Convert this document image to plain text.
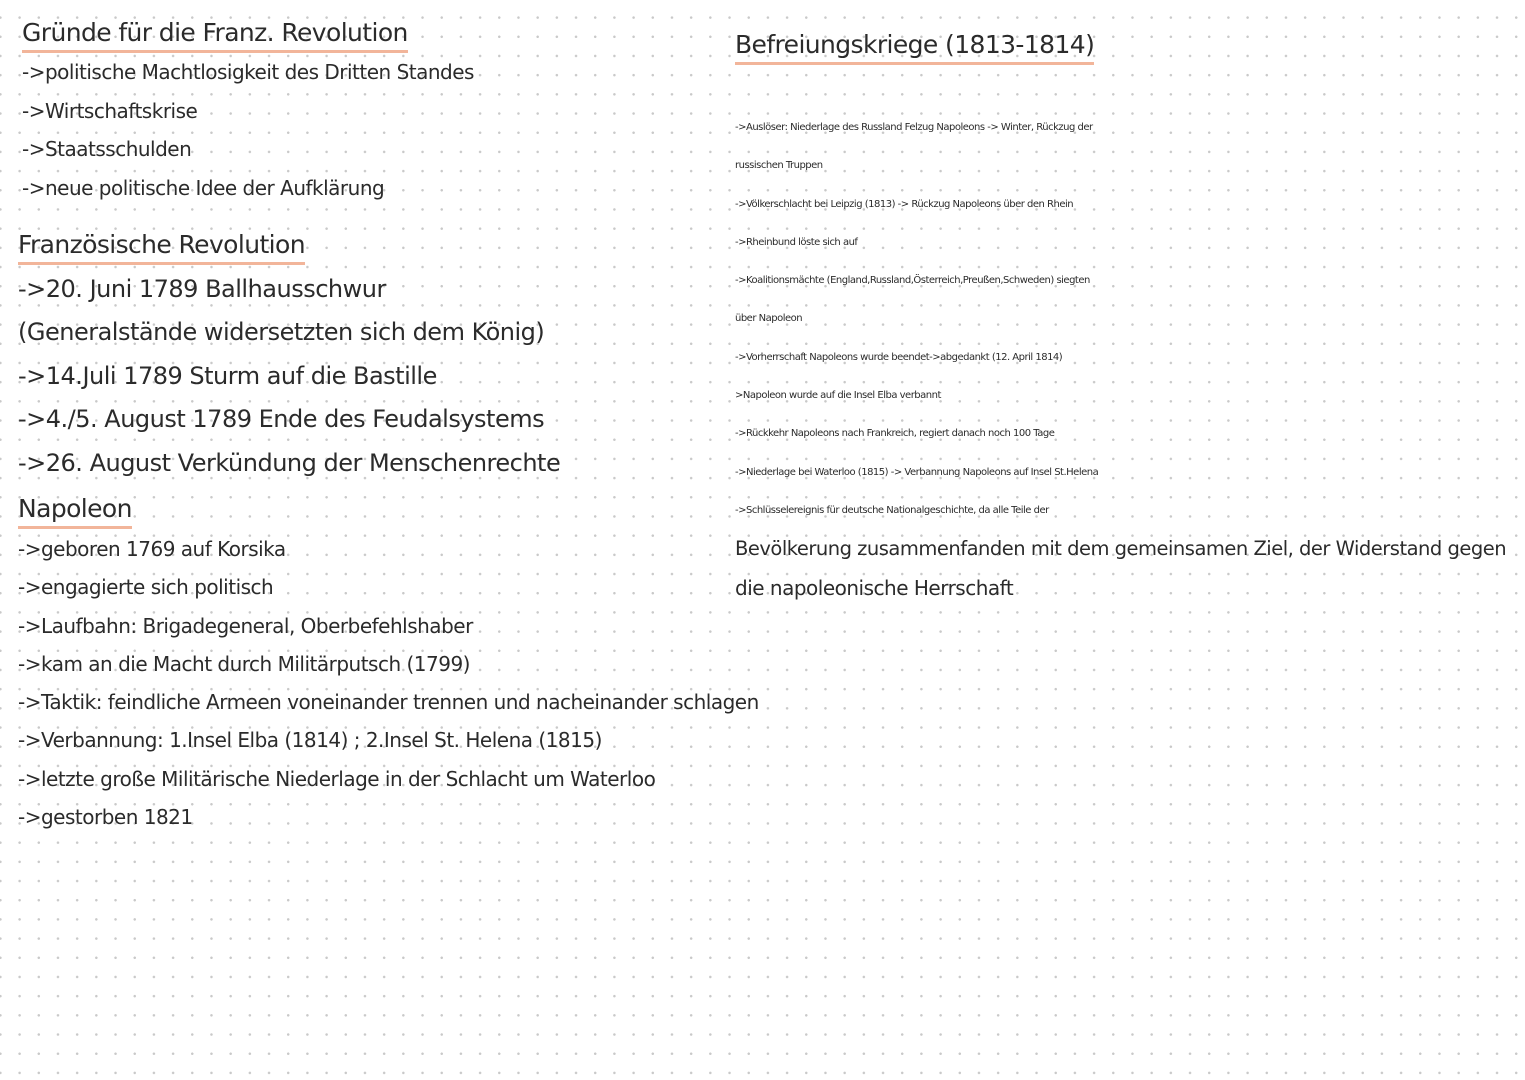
Gründe für die Franz. Revolution
->politische Machtlosigkeit des Dritten Standes
->Wirtschaftskrise
->Staatsschulden
->neue politische Idee der Aufklärung
Französische Revolution
->20. Juni 1789 Ballhausschwur
(Generalstände widersetzten sich dem König)
->14.Juli 1789 Sturm auf die Bastille
->4./5. August 1789 Ende des Feudalsystems
->26. August Verkündung der Menschenrechte
Napoleon
->geboren 1769 auf Korsika
->engagierte sich politisch
->Laufbahn: Brigadegeneral, Oberbefehlshaber
->kam an die Macht durch Militärputsch (1799)
->Taktik: feindliche Armeen voneinander trennen und nacheinander schlagen
->Verbannung: 1.Insel Elba (1814) ; 2.Insel St. Helena (1815)
->letzte große Militärische Niederlage in der Schlacht um Waterloo
->gestorben 1821
Befreiungskriege (1813-1814)
->Auslöser: Niederlage des Russland Felzug Napoleons -> Winter, Rückzug der
russischen Truppen
->Völkerschlacht bei Leipzig (1813) -> Rückzug Napoleons über den Rhein
->Rheinbund löste sich auf
->Koalitionsmächte (England,Russland,Österreich,Preußen,Schweden) siegten
über Napoleon
->Vorherrschaft Napoleons wurde beendet->abgedankt (12. April 1814)
>Napoleon wurde auf die Insel Elba verbannt
->Rückkehr Napoleons nach Frankreich, regiert danach noch 100 Tage
->Niederlage bei Waterloo (1815) -> Verbannung Napoleons auf Insel St.Helena
->Schlüsselereignis für deutsche Nationalgeschichte, da alle Teile der
Bevölkerung zusammenfanden mit dem gemeinsamen Ziel, der Widerstand gegen
die napoleonische Herrschaft
